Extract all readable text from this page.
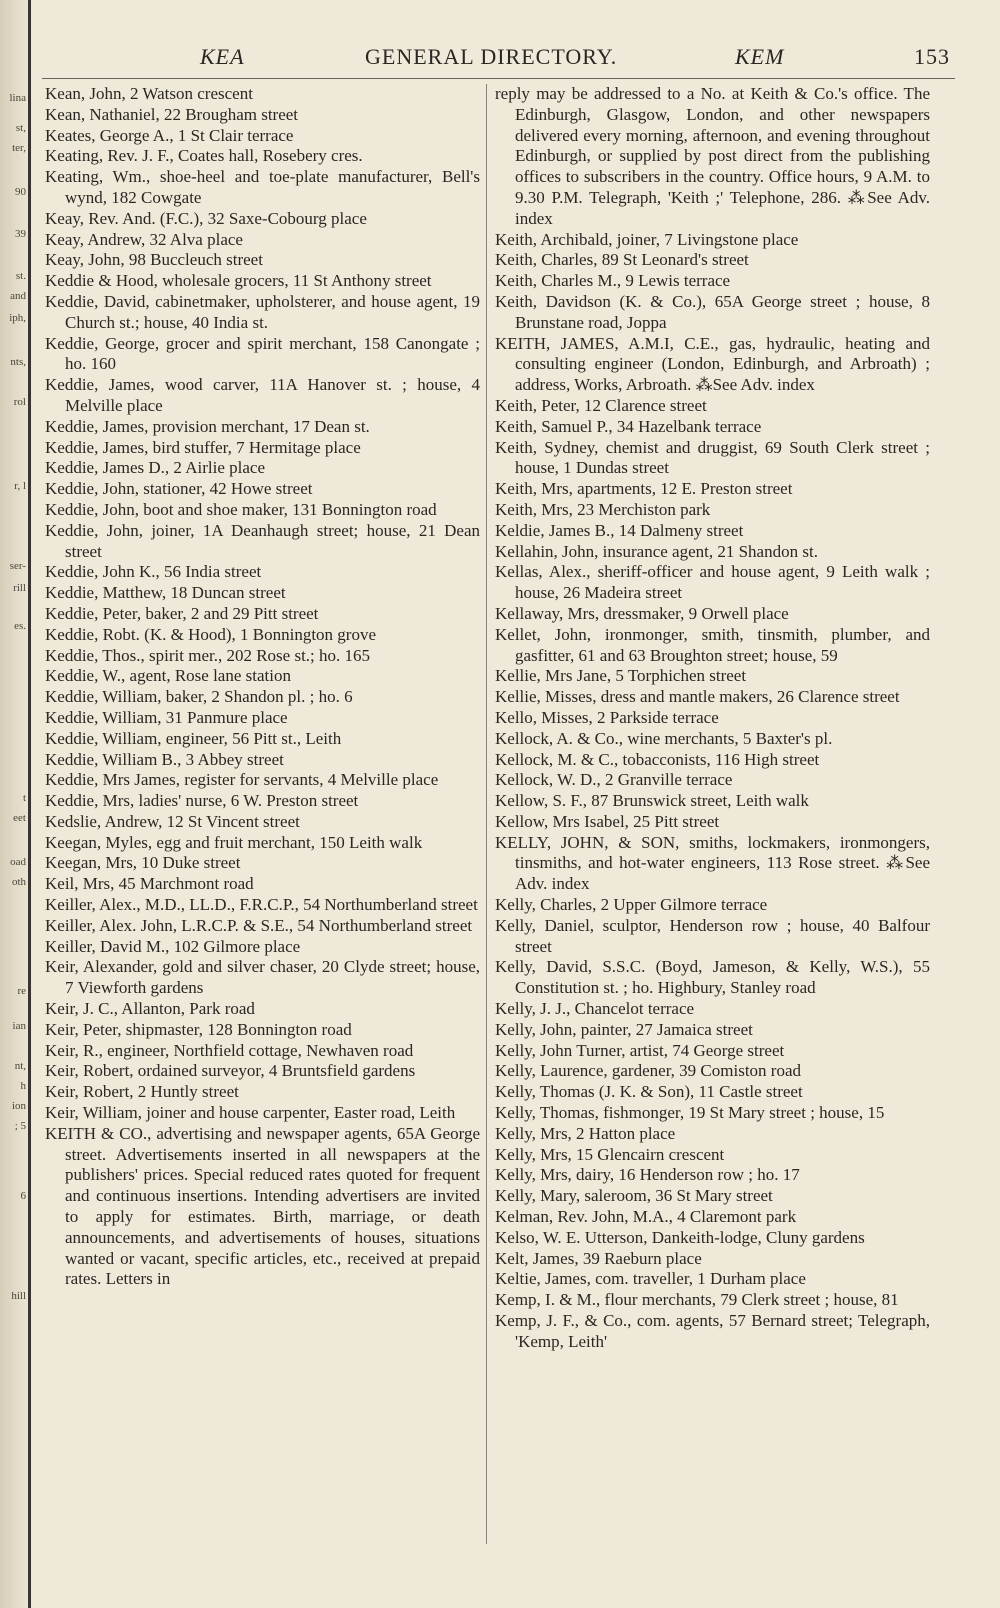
lina
st,
ter,
90
39
st.
and
iph,
nts,
rol
r, l
ser-
rill
es.
t
eet
oad
oth
re
ian
nt,
h
ion
; 5
6
hill
KEA	GENERAL DIRECTORY.	KEM	153
Kean, John, 2 Watson crescent
Kean, Nathaniel, 22 Brougham street
Keates, George A., 1 St Clair terrace
Keating, Rev. J. F., Coates hall, Rosebery cres.
Keating, Wm., shoe-heel and toe-plate manufacturer, Bell's wynd, 182 Cowgate
Keay, Rev. And. (F.C.), 32 Saxe-Cobourg place
Keay, Andrew, 32 Alva place
Keay, John, 98 Buccleuch street
Keddie & Hood, wholesale grocers, 11 St Anthony street
Keddie, David, cabinetmaker, upholsterer, and house agent, 19 Church st.; house, 40 India st.
Keddie, George, grocer and spirit merchant, 158 Canongate ; ho. 160
Keddie, James, wood carver, 11A Hanover st. ; house, 4 Melville place
Keddie, James, provision merchant, 17 Dean st.
Keddie, James, bird stuffer, 7 Hermitage place
Keddie, James D., 2 Airlie place
Keddie, John, stationer, 42 Howe street
Keddie, John, boot and shoe maker, 131 Bonnington road
Keddie, John, joiner, 1A Deanhaugh street; house, 21 Dean street
Keddie, John K., 56 India street
Keddie, Matthew, 18 Duncan street
Keddie, Peter, baker, 2 and 29 Pitt street
Keddie, Robt. (K. & Hood), 1 Bonnington grove
Keddie, Thos., spirit mer., 202 Rose st.; ho. 165
Keddie, W., agent, Rose lane station
Keddie, William, baker, 2 Shandon pl. ; ho. 6
Keddie, William, 31 Panmure place
Keddie, William, engineer, 56 Pitt st., Leith
Keddie, William B., 3 Abbey street
Keddie, Mrs James, register for servants, 4 Melville place
Keddie, Mrs, ladies' nurse, 6 W. Preston street
Kedslie, Andrew, 12 St Vincent street
Keegan, Myles, egg and fruit merchant, 150 Leith walk
Keegan, Mrs, 10 Duke street
Keil, Mrs, 45 Marchmont road
Keiller, Alex., M.D., LL.D., F.R.C.P., 54 Northumberland street
Keiller, Alex. John, L.R.C.P. & S.E., 54 Northumberland street
Keiller, David M., 102 Gilmore place
Keir, Alexander, gold and silver chaser, 20 Clyde street; house, 7 Viewforth gardens
Keir, J. C., Allanton, Park road
Keir, Peter, shipmaster, 128 Bonnington road
Keir, R., engineer, Northfield cottage, Newhaven road
Keir, Robert, ordained surveyor, 4 Bruntsfield gardens
Keir, Robert, 2 Huntly street
Keir, William, joiner and house carpenter, Easter road, Leith
KEITH & CO., advertising and newspaper agents, 65A George street. Advertisements inserted in all newspapers at the publishers' prices. Special reduced rates quoted for frequent and continuous insertions. Intending advertisers are invited to apply for estimates. Birth, marriage, or death announcements, and advertisements of houses, situations wanted or vacant, specific articles, etc., received at prepaid rates. Letters in
reply may be addressed to a No. at Keith & Co.'s office. The Edinburgh, Glasgow, London, and other newspapers delivered every morning, afternoon, and evening throughout Edinburgh, or supplied by post direct from the publishing offices to subscribers in the country. Office hours, 9 A.M. to 9.30 P.M. Telegraph, 'Keith ;' Telephone, 286. ⁂See Adv. index
Keith, Archibald, joiner, 7 Livingstone place
Keith, Charles, 89 St Leonard's street
Keith, Charles M., 9 Lewis terrace
Keith, Davidson (K. & Co.), 65A George street ; house, 8 Brunstane road, Joppa
KEITH, JAMES, A.M.I, C.E., gas, hydraulic, heating and consulting engineer (London, Edinburgh, and Arbroath) ; address, Works, Arbroath. ⁂See Adv. index
Keith, Peter, 12 Clarence street
Keith, Samuel P., 34 Hazelbank terrace
Keith, Sydney, chemist and druggist, 69 South Clerk street ; house, 1 Dundas street
Keith, Mrs, apartments, 12 E. Preston street
Keith, Mrs, 23 Merchiston park
Keldie, James B., 14 Dalmeny street
Kellahin, John, insurance agent, 21 Shandon st.
Kellas, Alex., sheriff-officer and house agent, 9 Leith walk ; house, 26 Madeira street
Kellaway, Mrs, dressmaker, 9 Orwell place
Kellet, John, ironmonger, smith, tinsmith, plumber, and gasfitter, 61 and 63 Broughton street; house, 59
Kellie, Mrs Jane, 5 Torphichen street
Kellie, Misses, dress and mantle makers, 26 Clarence street
Kello, Misses, 2 Parkside terrace
Kellock, A. & Co., wine merchants, 5 Baxter's pl.
Kellock, M. & C., tobacconists, 116 High street
Kellock, W. D., 2 Granville terrace
Kellow, S. F., 87 Brunswick street, Leith walk
Kellow, Mrs Isabel, 25 Pitt street
KELLY, JOHN, & SON, smiths, lockmakers, ironmongers, tinsmiths, and hot-water engineers, 113 Rose street. ⁂See Adv. index
Kelly, Charles, 2 Upper Gilmore terrace
Kelly, Daniel, sculptor, Henderson row ; house, 40 Balfour street
Kelly, David, S.S.C. (Boyd, Jameson, & Kelly, W.S.), 55 Constitution st. ; ho. Highbury, Stanley road
Kelly, J. J., Chancelot terrace
Kelly, John, painter, 27 Jamaica street
Kelly, John Turner, artist, 74 George street
Kelly, Laurence, gardener, 39 Comiston road
Kelly, Thomas (J. K. & Son), 11 Castle street
Kelly, Thomas, fishmonger, 19 St Mary street ; house, 15
Kelly, Mrs, 2 Hatton place
Kelly, Mrs, 15 Glencairn crescent
Kelly, Mrs, dairy, 16 Henderson row ; ho. 17
Kelly, Mary, saleroom, 36 St Mary street
Kelman, Rev. John, M.A., 4 Claremont park
Kelso, W. E. Utterson, Dankeith-lodge, Cluny gardens
Kelt, James, 39 Raeburn place
Keltie, James, com. traveller, 1 Durham place
Kemp, I. & M., flour merchants, 79 Clerk street ; house, 81
Kemp, J. F., & Co., com. agents, 57 Bernard street; Telegraph, 'Kemp, Leith'
